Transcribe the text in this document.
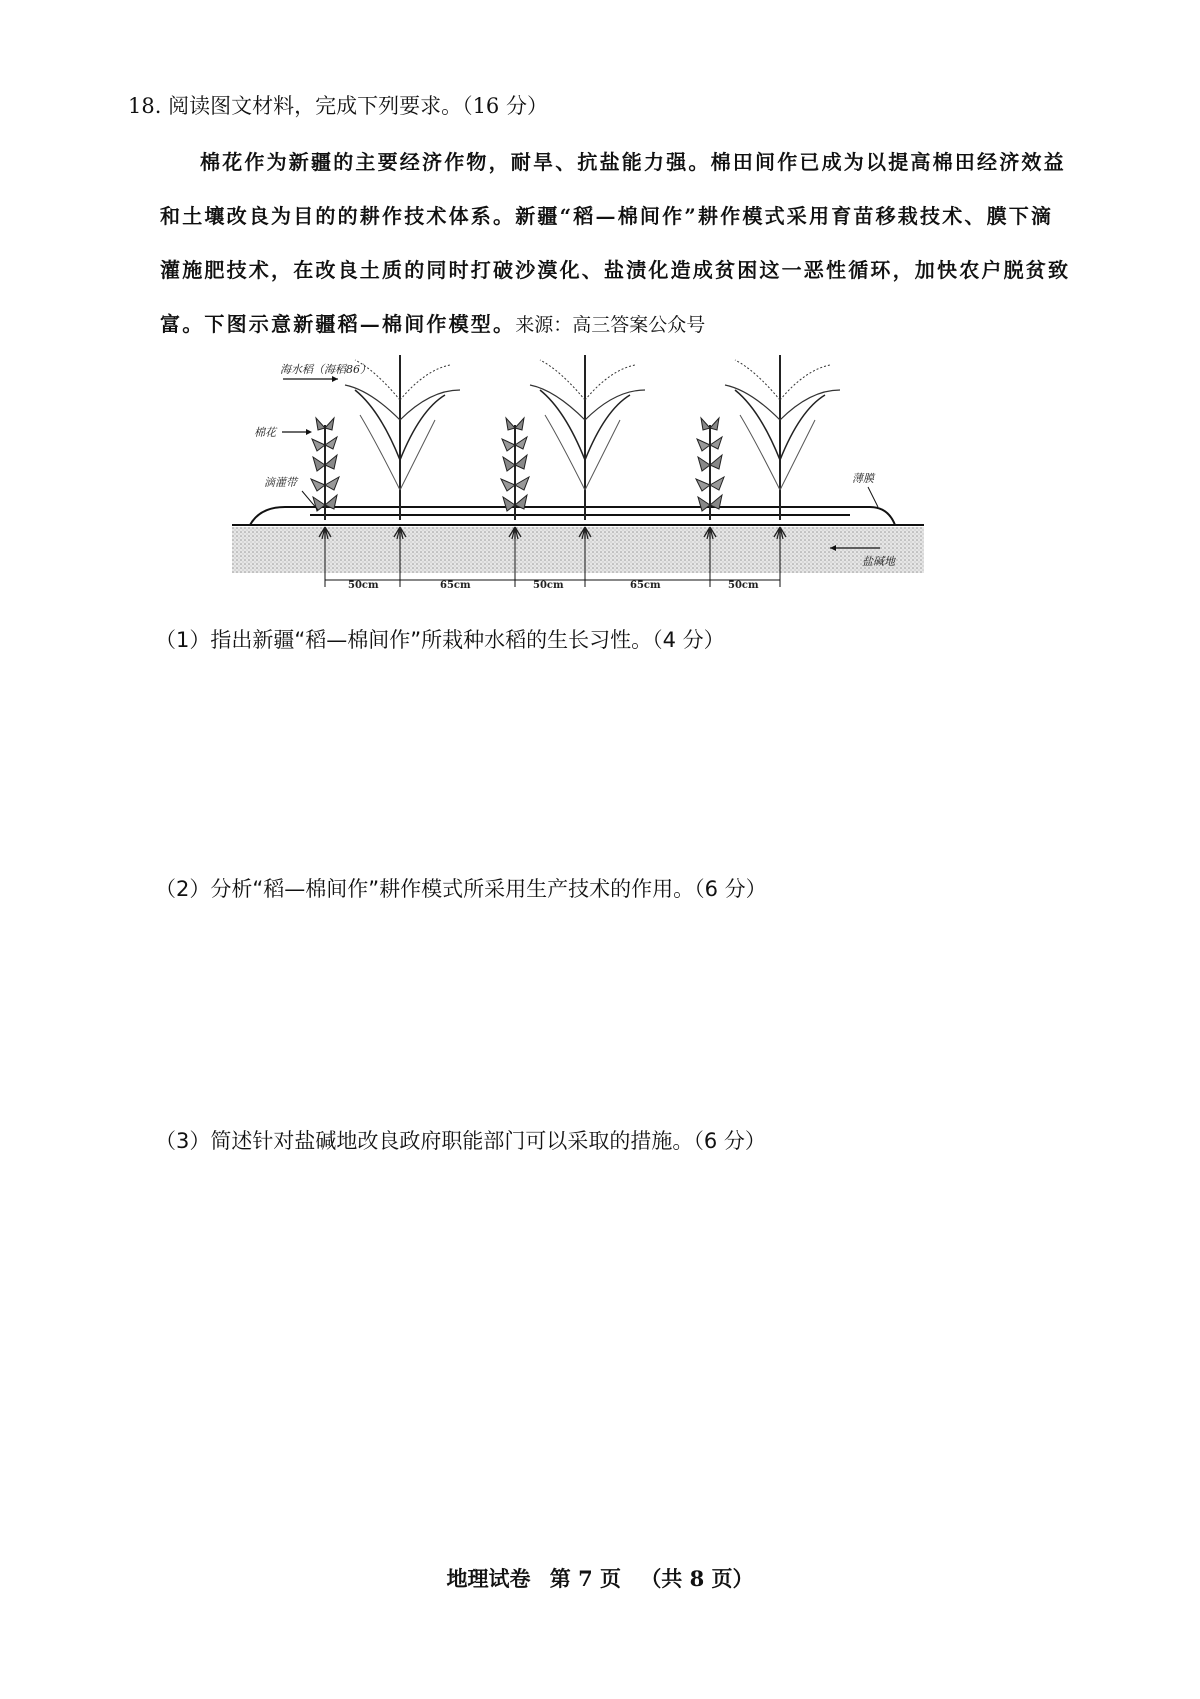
18. 阅读图文材料，完成下列要求。（16 分）

棉花作为新疆的主要经济作物，耐旱、抗盐能力强。棉田间作已成为以提高棉田经济效益和土壤改良为目的的耕作技术体系。新疆“稻—棉间作”耕作模式采用育苗移栽技术、膜下滴灌施肥技术，在改良土质的同时打破沙漠化、盐渍化造成贫困这一恶性循环，加快农户脱贫致富。下图示意新疆稻—棉间作模型。来源：高三答案公众号

海水稻（海稻86）
棉花
滴灌带	薄膜
盐碱地
50cm	65cm	50cm	65cm	50cm
（1）指出新疆“稻—棉间作”所栽种水稻的生长习性。（4 分）
（2）分析“稻—棉间作”耕作模式所采用生产技术的作用。（6 分）
（3）简述针对盐碱地改良政府职能部门可以采取的措施。（6 分）
地理试卷 第 7 页 （共 8 页）
